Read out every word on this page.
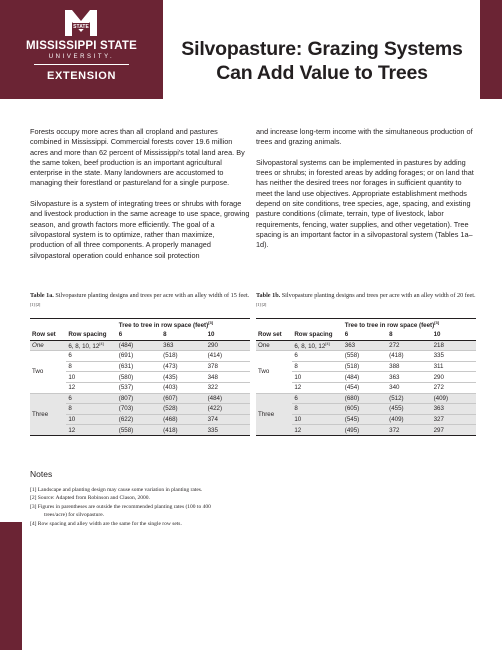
STATE
MISSISSIPPI STATE
UNIVERSITY.
EXTENSION
Silvopasture: Grazing Systems
Can Add Value to Trees

Forests occupy more acres than all cropland and pastures combined in Mississippi. Commercial forests cover 19.6 million acres and more than 62 percent of Mississippi's total land area. By the same token, beef production is an important agricultural enterprise in the state. Many landowners are accustomed to managing their forestland or pastureland for a single purpose.

Silvopasture is a system of integrating trees or shrubs with forage and livestock production in the same acreage to use space, growing season, and growth factors more efficiently. The goal of a silvopastoral system is to optimize, rather than maximize, production of all three components. A properly managed silvopastoral operation could enhance soil protection

and increase long-term income with the simultaneous production of trees and grazing animals.

Silvopastoral systems can be implemented in pastures by adding trees or shrubs; in forested areas by adding forages; or on land that has neither the desired trees nor forages in sufficient quantity to meet the land use objectives. Appropriate establishment methods depend on site conditions, tree species, age, spacing, and existing pasture conditions (climate, terrain, type of livestock, labor requirements, fencing, water supplies, and other vegetation). Tree spacing is an important factor in a silvopastoral system (Tables 1a–1d).

Table 1a. Silvopasture planting designs and trees per acre with an alley width of 15 feet.[1] [2]
		Tree to tree in row space (feet)[3]
Row set	Row spacing	6	8	10
One	6, 8, 10, 12[4]	(484)	363	290
Two	6	(691)	(518)	(414)
	8	(631)	(473)	378
	10	(580)	(435)	348
	12	(537)	(403)	322
Three	6	(807)	(607)	(484)
	8	(703)	(528)	(422)
	10	(622)	(468)	374
	12	(558)	(418)	335
Table 1b. Silvopasture planting designs and trees per acre with an alley width of 20 feet.[1] [2]
		Tree to tree in row space (feet)[3]
Row set	Row spacing	6	8	10
One	6, 8, 10, 12[4]	363	272	218
Two	6	(558)	(418)	335
	8	(518)	388	311
	10	(484)	363	290
	12	(454)	340	272
Three	6	(680)	(512)	(409)
	8	(605)	(455)	363
	10	(545)	(409)	327
	12	(495)	372	297
Notes
[1] Landscape and planting design may cause some variation in planting rates.
[2] Source: Adapted from Robinson and Clason, 2000.
[3] Figures in parentheses are outside the recommended planting rates (100 to 400
trees/acre) for silvopasture.
[4] Row spacing and alley width are the same for the single row sets.
